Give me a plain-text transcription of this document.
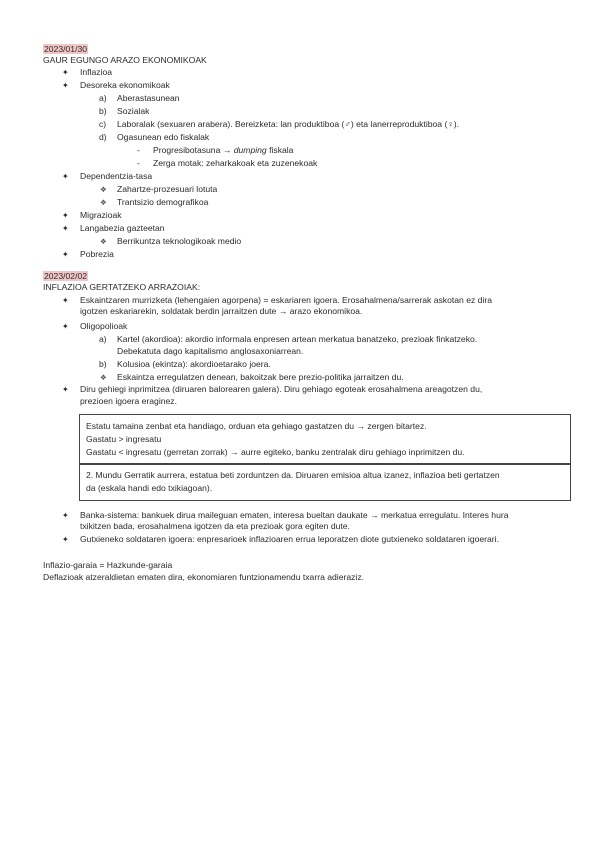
2023/01/30
GAUR EGUNGO ARAZO EKONOMIKOAK
✦ Inflazioa
✦ Desoreka ekonomikoak
a) Aberastasunean
b) Sozialak
c) Laboralak (sexuaren arabera). Bereizketa: lan produktiboa (♂) eta lanerreproduktiboa (♀).
d) Ogasunean edo fiskalak
- Progresibotasuna → dumping fiskala
- Zerga motak: zeharkakoak eta zuzenekoak
✦ Dependentzia-tasa
❖ Zahartze-prozesuari lotuta
❖ Trantsizio demografikoa
✦ Migrazioak
✦ Langabezia gazteetan
❖ Berrikuntza teknologikoak medio
✦ Pobrezia
2023/02/02
INFLAZIOA GERTATZEKO ARRAZOIAK:
✦ Eskaintzaren murrizketa (lehengaien agorpena) = eskariaren igoera. Erosahalmena/sarrerak askotan ez dira
igotzen eskariarekin, soldatak berdin jarraitzen dute → arazo ekonomikoa.
✦ Oligopolioak
a) Kartel (akordioa): akordio informala enpresen artean merkatua banatzeko, prezioak finkatzeko.
Debekatuta dago kapitalismo anglosaxoniarrean.
b) Kolusioa (ekintza): akordioetarako joera.
❖ Eskaintza erregulatzen denean, bakoitzak bere prezio-politika jarraitzen du.
✦ Diru gehiegi inprimitzea (diruaren balorearen galera). Diru gehiago egoteak erosahalmena areagotzen du,
prezioen igoera eraginez.
Estatu tamaina zenbat eta handiago, orduan eta gehiago gastatzen du → zergen bitartez.
Gastatu > ingresatu
Gastatu < ingresatu (gerretan zorrak) → aurre egiteko, banku zentralak diru gehiago inprimitzen du.
2. Mundu Gerratik aurrera, estatua beti zorduntzen da. Diruaren emisioa altua izanez, inflazioa beti gertatzen
da (eskala handi edo txikiagoan).
✦ Banka-sistema: bankuek dirua maileguan ematen, interesa bueltan daukate → merkatua erregulatu. Interes hura
txikitzen bada, erosahalmena igotzen da eta prezioak gora egiten dute.
✦ Gutxieneko soldataren igoera: enpresarioek inflazioaren errua leporatzen diote gutxieneko soldataren igoerari.
Inflazio-garaia = Hazkunde-garaia
Deflazioak atzeraldietan ematen dira, ekonomiaren funtzionamendu txarra adieraziz.
